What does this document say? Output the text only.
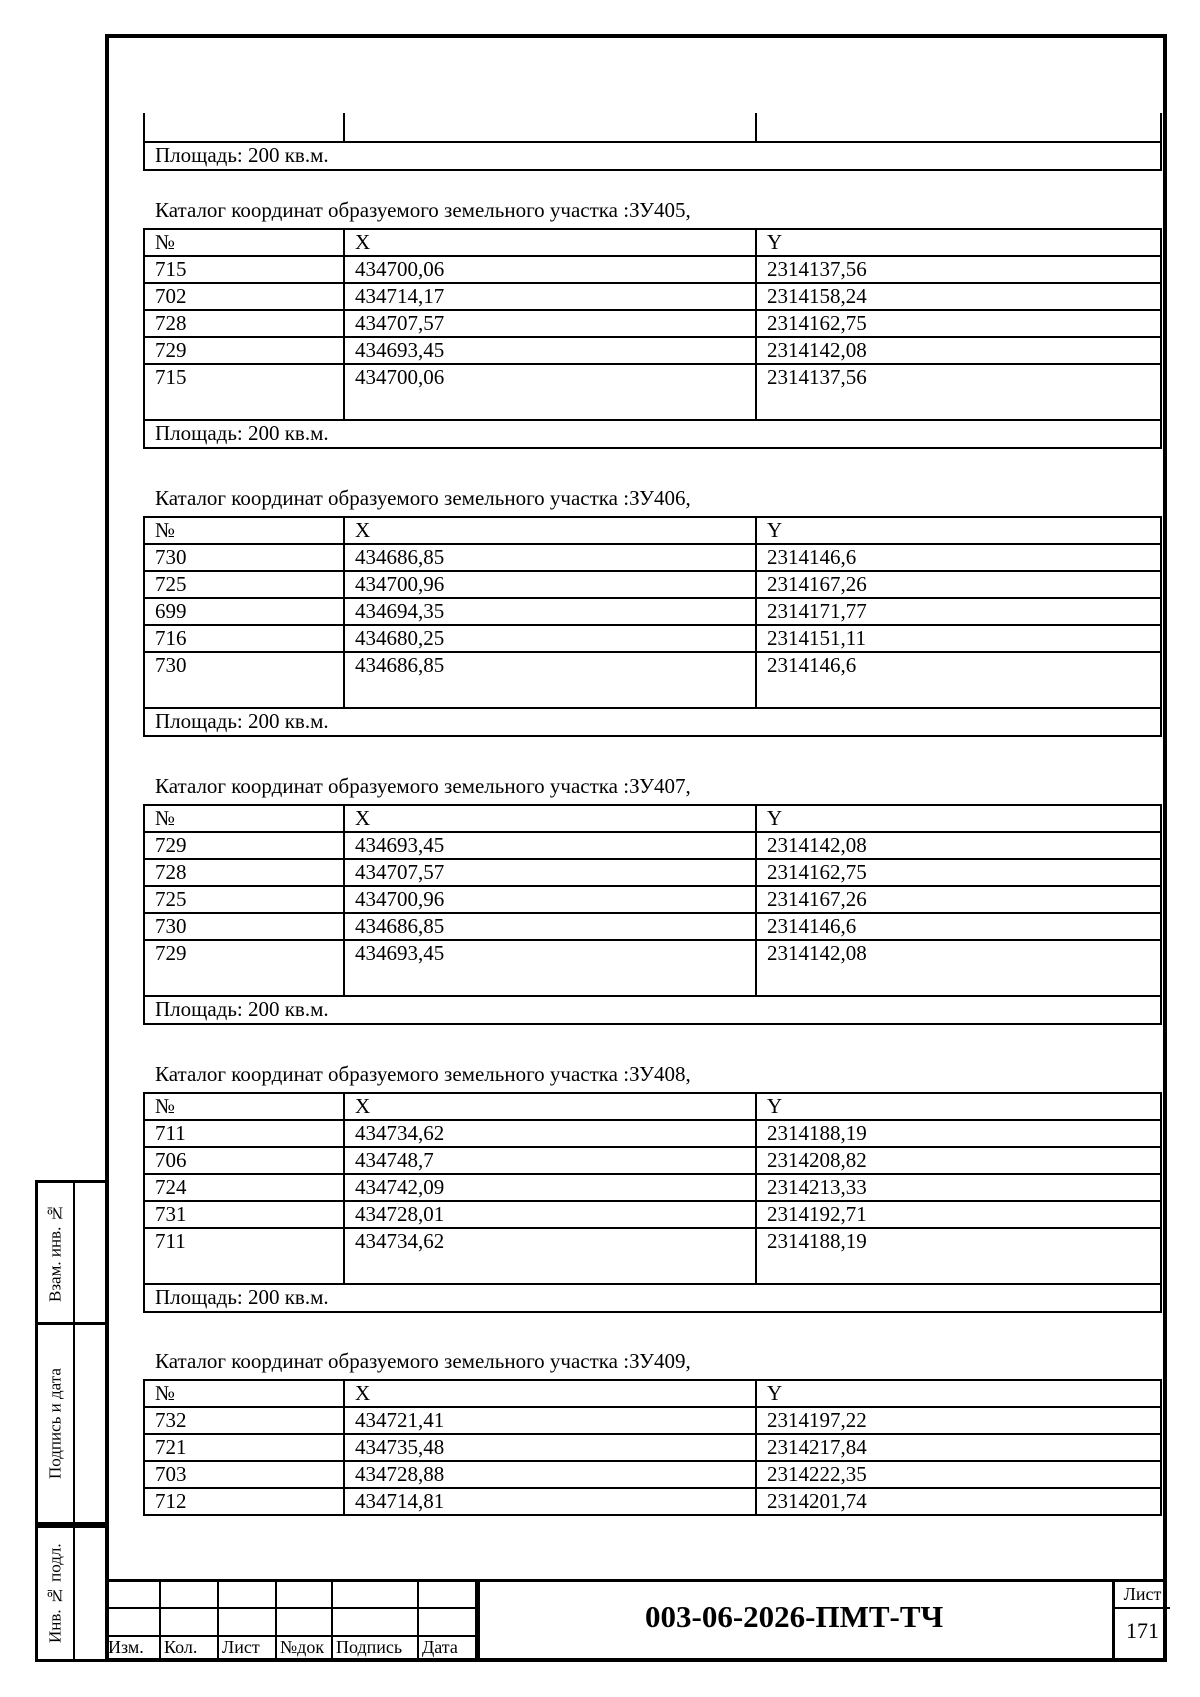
Взам. инв. №
Подпись и дата
Инв. № подл.

Площадь: 200 кв.м.
Каталог координат образуемого земельного участка :ЗУ405,
№	X	Y
715	434700,06	2314137,56
702	434714,17	2314158,24
728	434707,57	2314162,75
729	434693,45	2314142,08
715	434700,06	2314137,56
Площадь: 200 кв.м.		
Каталог координат образуемого земельного участка :ЗУ406,
№	X	Y
730	434686,85	2314146,6
725	434700,96	2314167,26
699	434694,35	2314171,77
716	434680,25	2314151,11
730	434686,85	2314146,6
Площадь: 200 кв.м.		
Каталог координат образуемого земельного участка :ЗУ407,
№	X	Y
729	434693,45	2314142,08
728	434707,57	2314162,75
725	434700,96	2314167,26
730	434686,85	2314146,6
729	434693,45	2314142,08
Площадь: 200 кв.м.		
Каталог координат образуемого земельного участка :ЗУ408,
№	X	Y
711	434734,62	2314188,19
706	434748,7	2314208,82
724	434742,09	2314213,33
731	434728,01	2314192,71
711	434734,62	2314188,19
Площадь: 200 кв.м.		
Каталог координат образуемого земельного участка :ЗУ409,
№	X	Y
732	434721,41	2314197,22
721	434735,48	2314217,84
703	434728,88	2314222,35
712	434714,81	2314201,74
Изм. Кол. Лист №док Подпись Дата
003-06-2026-ПМТ-ТЧ
Лист
171
